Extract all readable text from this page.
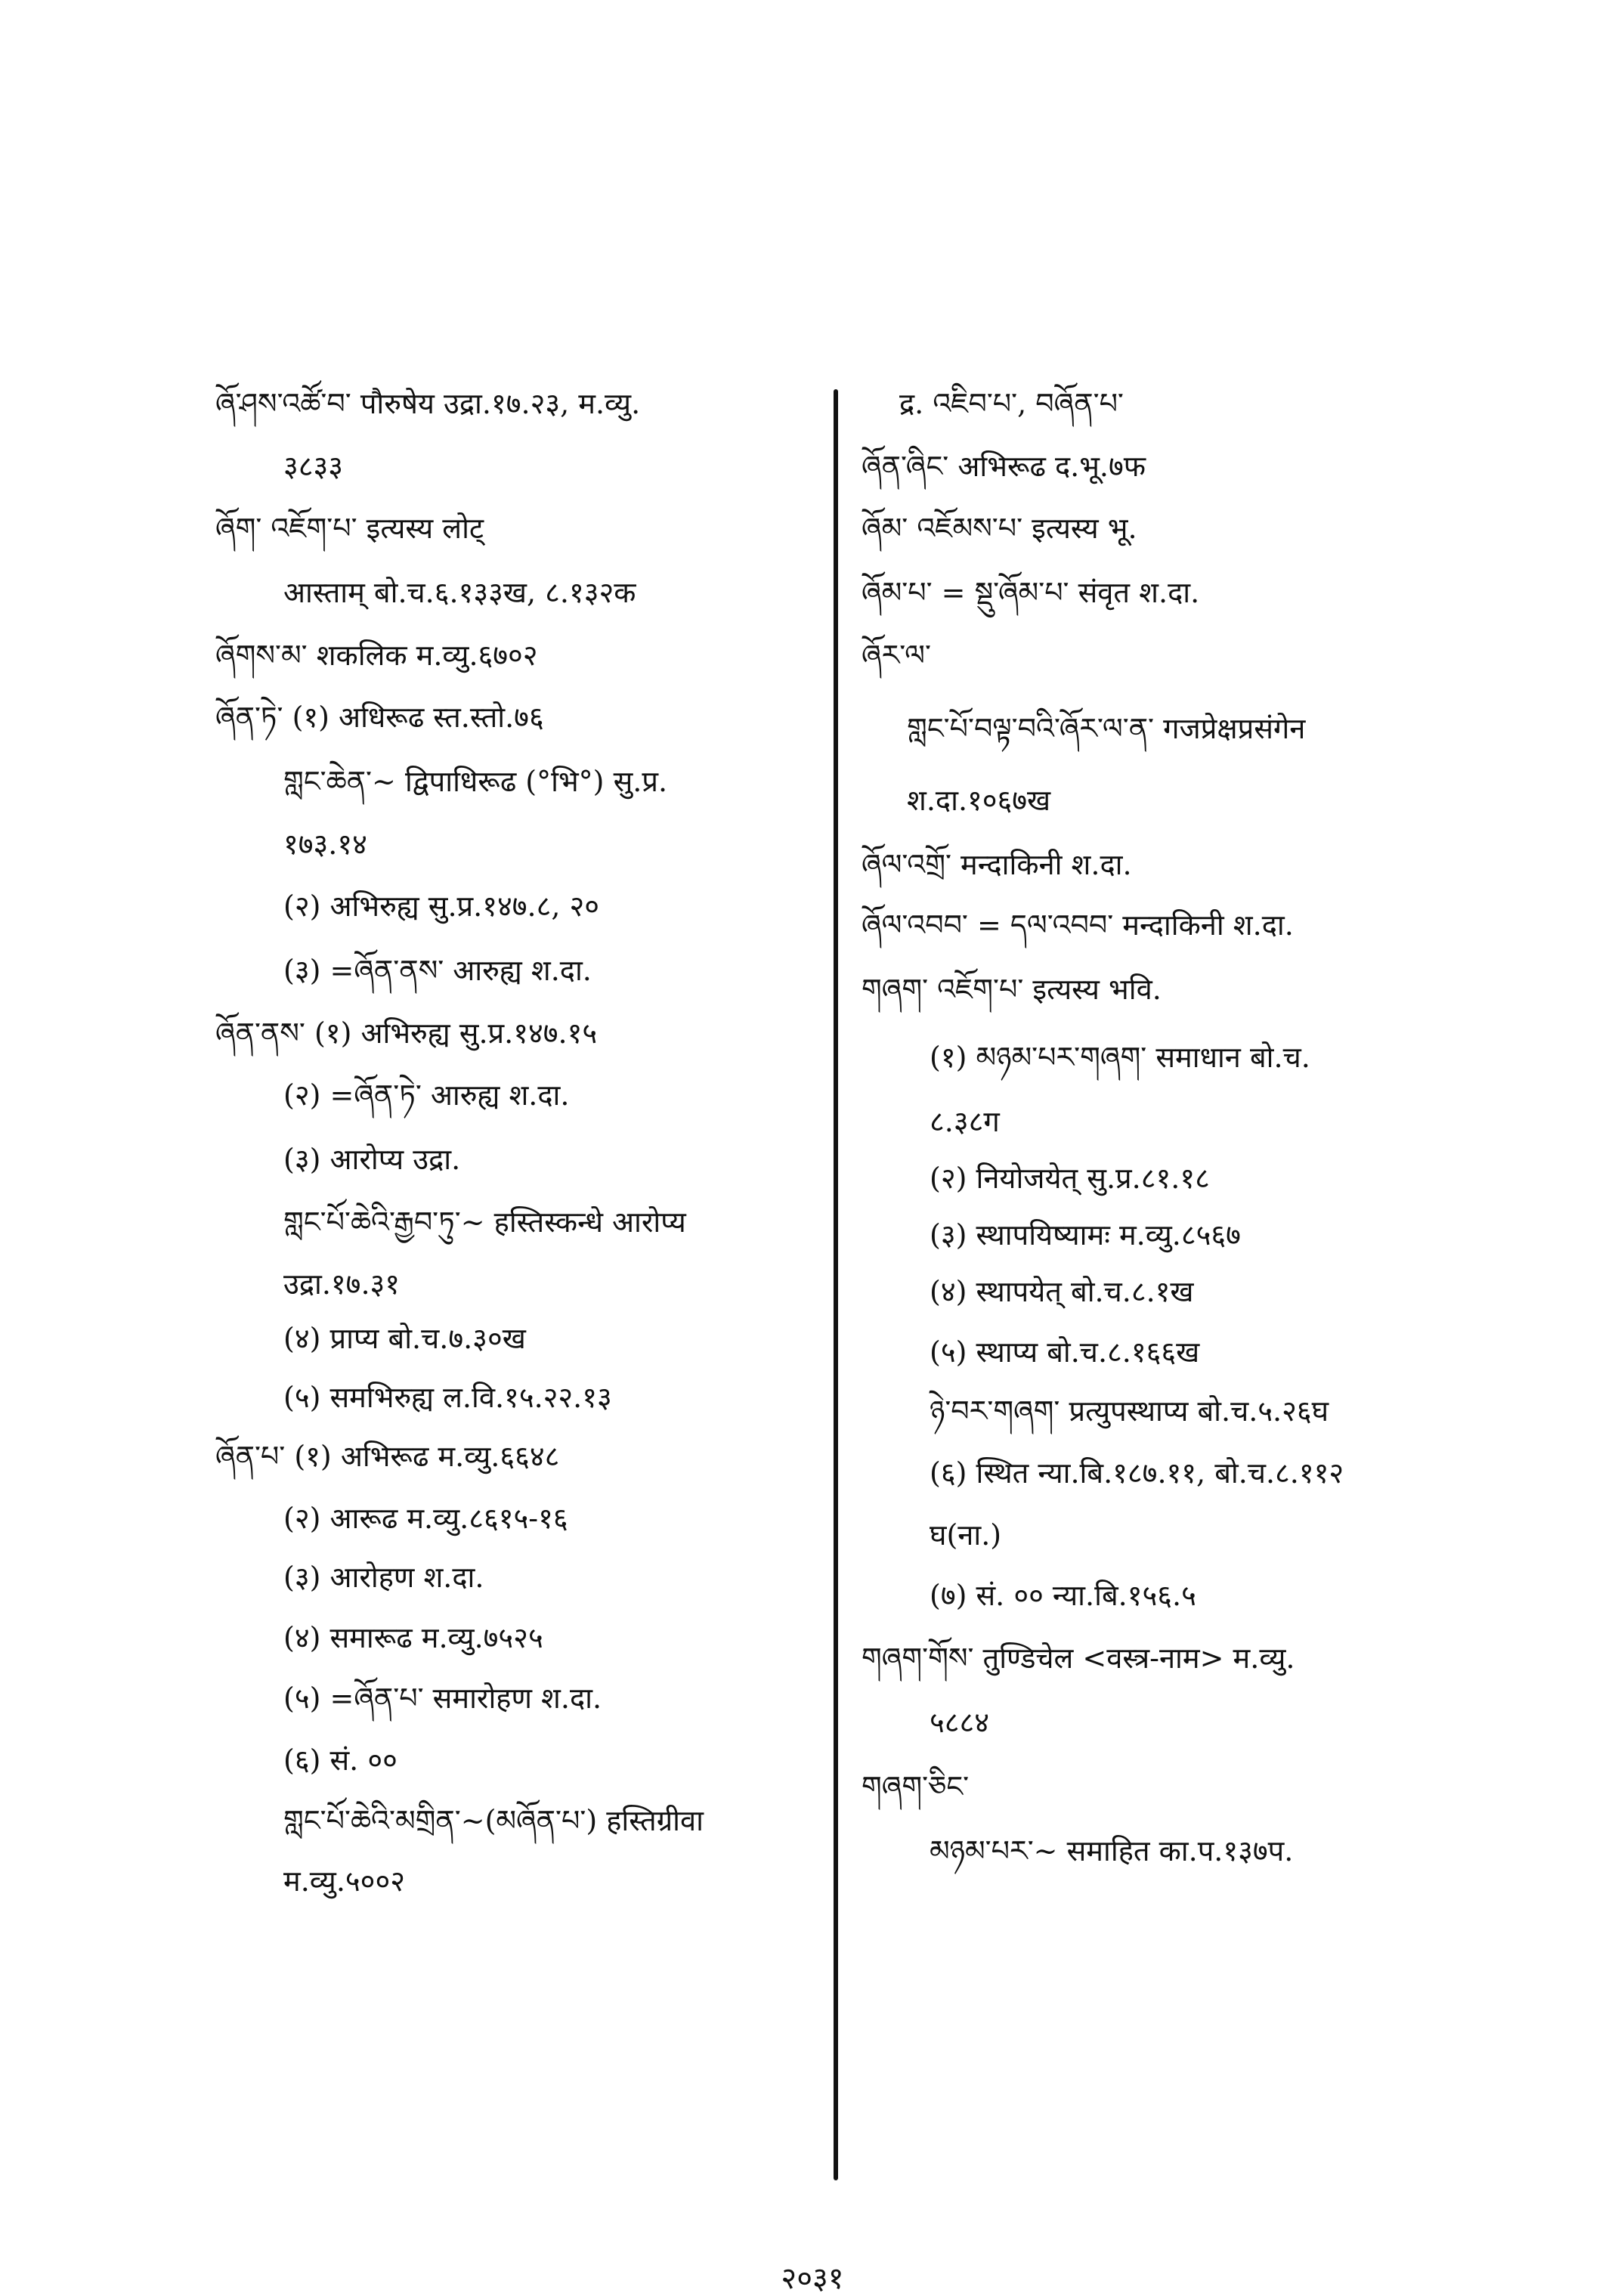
ཞོ་ཤས་འཚོ་བ་ पौरुषेय उद्रा.१७.२३, म.व्यु.
३८३३
ཞོག་ འཇོག་པ་ इत्यस्य लोट्
आस्ताम् बो.च.६.१३३ख, ८.१३२क
ཞོགས་མ་ शकलिक म.व्यु.६७०२
ཞོན་ཏེ་ (१) अधिरूढ स्त.स्तो.७६
གླང་ཆེན་~ द्विपाधिरूढ (°भि°) सु.प्र.
१७३.१४
(२) अभिरुह्य सु.प्र.१४७.८, २०
(३) =ཞོན་ནས་ आरुह्य श.दा.
ཞོན་ནས་ (१) अभिरुह्य सु.प्र.१४७.१५
(२) =ཞོན་ཏེ་ आरुह्य श.दा.
(३) आरोप्य उद्रा.
གླང་པོ་ཆེའི་རྒྱབ་ཏུ་~ हस्तिस्कन्धे आरोप्य
उद्रा.१७.३१
(४) प्राप्य बो.च.७.३०ख
(५) समभिरुह्य ल.वि.१५.२२.१३
ཞོན་པ་ (१) अभिरूढ म.व्यु.६६४८
(२) आरूढ म.व्यु.८६१५-१६
(३) आरोहण श.दा.
(४) समारूढ म.व्यु.७५२५
(५) =ཞོན་པ་ समारोहण श.दा.
(६) सं. ००
གླང་པོ་ཆེའི་མགྲིན་~(མཞོན་པ་) हस्तिग्रीवा
म.व्यु.५००२
द्र. འཇིབ་པ་, བཞོན་པ་
ཞོན་ཞིང་ अभिरूढ द.भू.७फ
ཞོམ་ འཇོམས་པ་ इत्यस्य भू.
ཞོམ་པ་ = སྡུ་ཞོམ་པ་ संवृत श.दा.
ཞོར་ལ་
གླང་པོ་བལྟ་བའི་ཞོར་ལ་ན་ गजप्रेक्षप्रसंगेन
श.दा.१०६७ख
ཞོལ་འགྲོ་ मन्दाकिनी श.दा.
ཞོལ་འབབ་ = དལ་འབབ་ मन्दाकिनी श.दा.
གཞག་ འཇོག་པ་ इत्यस्य भवि.
(१) མཉམ་པར་གཞག་ समाधान बो.च.
८.३८ग
(२) नियोजयेत् सु.प्र.८१.१८
(३) स्थापयिष्यामः म.व्यु.८५६७
(४) स्थापयेत् बो.च.८.१ख
(५) स्थाप्य बो.च.८.१६६ख
ཉེ་བར་གཞག་ प्रत्युपस्थाप्य बो.च.५.२६घ
(६) स्थित न्या.बि.१८७.११, बो.च.८.११२
घ(ना.)
(७) सं. ०० न्या.बि.१५६.५
གཞག་གོས་ तुण्डिचेल <वस्त्र-नाम> म.व्यु.
५८८४
གཞག་ཅིང་
མཉམ་པར་~ समाहित का.प.१३७प.
२०३१
